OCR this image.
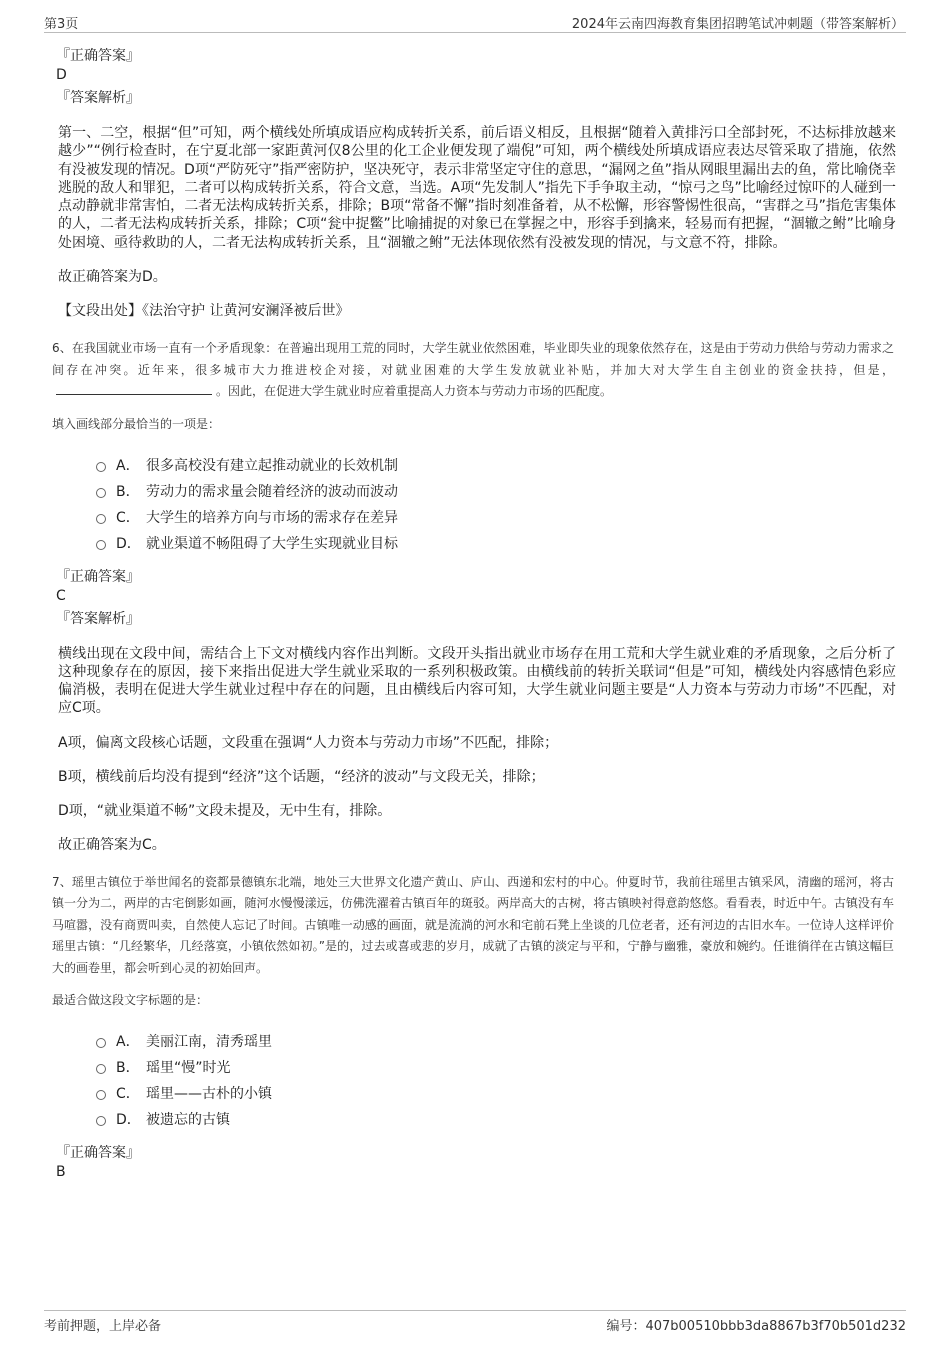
第3页	2024年云南四海教育集团招聘笔试冲刺题（带答案解析）
『正确答案』
D
『答案解析』
第一、二空，根据“但”可知，两个横线处所填成语应构成转折关系，前后语义相反，且根据“随着入黄排污口全部封死，不达标排放越来越少”“例行检查时，在宁夏北部一家距黄河仅8公里的化工企业便发现了端倪”可知，两个横线处所填成语应表达尽管采取了措施，依然有没被发现的情况。D项“严防死守”指严密防护，坚决死守，表示非常坚定守住的意思，“漏网之鱼”指从网眼里漏出去的鱼，常比喻侥幸逃脱的敌人和罪犯，二者可以构成转折关系，符合文意，当选。A项“先发制人”指先下手争取主动，“惊弓之鸟”比喻经过惊吓的人碰到一点动静就非常害怕，二者无法构成转折关系，排除；B项“常备不懈”指时刻准备着，从不松懈，形容警惕性很高，“害群之马”指危害集体的人，二者无法构成转折关系，排除；C项“瓮中捉鳖”比喻捕捉的对象已在掌握之中，形容手到擒来，轻易而有把握，“涸辙之鲋”比喻身处困境、亟待救助的人，二者无法构成转折关系，且“涸辙之鲋”无法体现依然有没被发现的情况，与文意不符，排除。
故正确答案为D。
【文段出处】《法治守护 让黄河安澜泽被后世》
6、在我国就业市场一直有一个矛盾现象：在普遍出现用工荒的同时，大学生就业依然困难，毕业即失业的现象依然存在，这是由于劳动力供给与劳动力需求之间存在冲突。近年来，很多城市大力推进校企对接，对就业困难的大学生发放就业补贴，并加大对大学生自主创业的资金扶持，但是，。因此，在促进大学生就业时应着重提高人力资本与劳动力市场的匹配度。
填入画线部分最恰当的一项是：
A． 很多高校没有建立起推动就业的长效机制
B． 劳动力的需求量会随着经济的波动而波动
C． 大学生的培养方向与市场的需求存在差异
D． 就业渠道不畅阻碍了大学生实现就业目标
『正确答案』
C
『答案解析』
横线出现在文段中间，需结合上下文对横线内容作出判断。文段开头指出就业市场存在用工荒和大学生就业难的矛盾现象，之后分析了这种现象存在的原因，接下来指出促进大学生就业采取的一系列积极政策。由横线前的转折关联词“但是”可知，横线处内容感情色彩应偏消极，表明在促进大学生就业过程中存在的问题，且由横线后内容可知，大学生就业问题主要是“人力资本与劳动力市场”不匹配，对应C项。
A项，偏离文段核心话题，文段重在强调“人力资本与劳动力市场”不匹配，排除；
B项，横线前后均没有提到“经济”这个话题，“经济的波动”与文段无关，排除；
D项，“就业渠道不畅”文段未提及，无中生有，排除。
故正确答案为C。
7、瑶里古镇位于举世闻名的瓷都景德镇东北端，地处三大世界文化遗产黄山、庐山、西递和宏村的中心。仲夏时节，我前往瑶里古镇采风，清幽的瑶河，将古镇一分为二，两岸的古宅倒影如画，随河水慢慢漾远，仿佛洗濯着古镇百年的斑驳。两岸高大的古树，将古镇映衬得意韵悠悠。看看表，时近中午。古镇没有车马喧嚣，没有商贾叫卖，自然使人忘记了时间。古镇唯一动感的画面，就是流淌的河水和宅前石凳上坐谈的几位老者，还有河边的古旧水车。一位诗人这样评价瑶里古镇：“几经繁华，几经落寞，小镇依然如初。”是的，过去或喜或悲的岁月，成就了古镇的淡定与平和，宁静与幽雅，豪放和婉约。任谁徜徉在古镇这幅巨大的画卷里，都会听到心灵的初始回声。
最适合做这段文字标题的是：
A． 美丽江南，清秀瑶里
B． 瑶里“慢”时光
C． 瑶里——古朴的小镇
D． 被遗忘的古镇
『正确答案』
B
考前押题，上岸必备	编号：407b00510bbb3da8867b3f70b501d232
